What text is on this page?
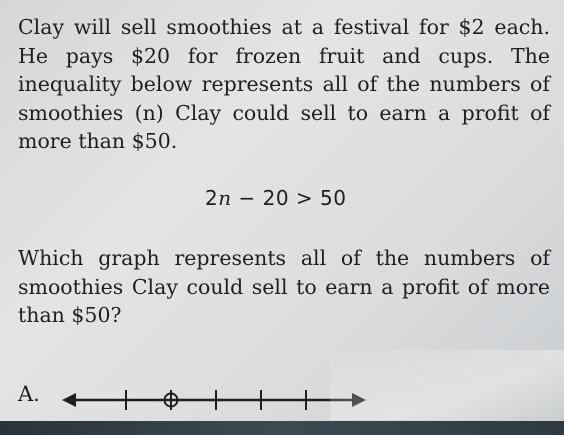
Clay will sell smoothies at a festival for $2 each. He pays $20 for frozen fruit and cups. The inequality below represents all of the numbers of smoothies (n) Clay could sell to earn a profit of more than $50.
2n − 20 > 50
Which graph represents all of the numbers of smoothies Clay could sell to earn a profit of more than $50?
A.
